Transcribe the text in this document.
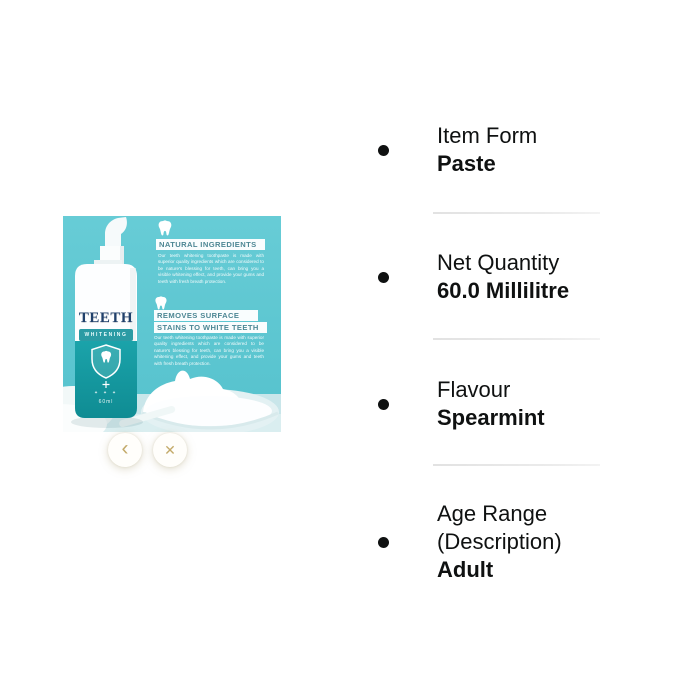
TEETH
WHITENING
✦ ✦ ✦
60ml
NATURAL INGREDIENTS
Our teeth whitening toothpaste is made with superior quality ingredients which are considered to be nature's blessing for teeth, can bring you a visible whitening effect, and provide your gums and teeth with fresh breath protection.
REMOVES SURFACE
STAINS TO WHITE TEETH
Our teeth whitening toothpaste is made with superior quality ingredients which are considered to be nature's blessing for teeth, can bring you a visible whitening effect, and provide your gums and teeth with fresh breath protection.
‹	✕
Item Form
Paste
Net Quantity
60.0 Millilitre
Flavour
Spearmint
Age Range (Description)
Adult
